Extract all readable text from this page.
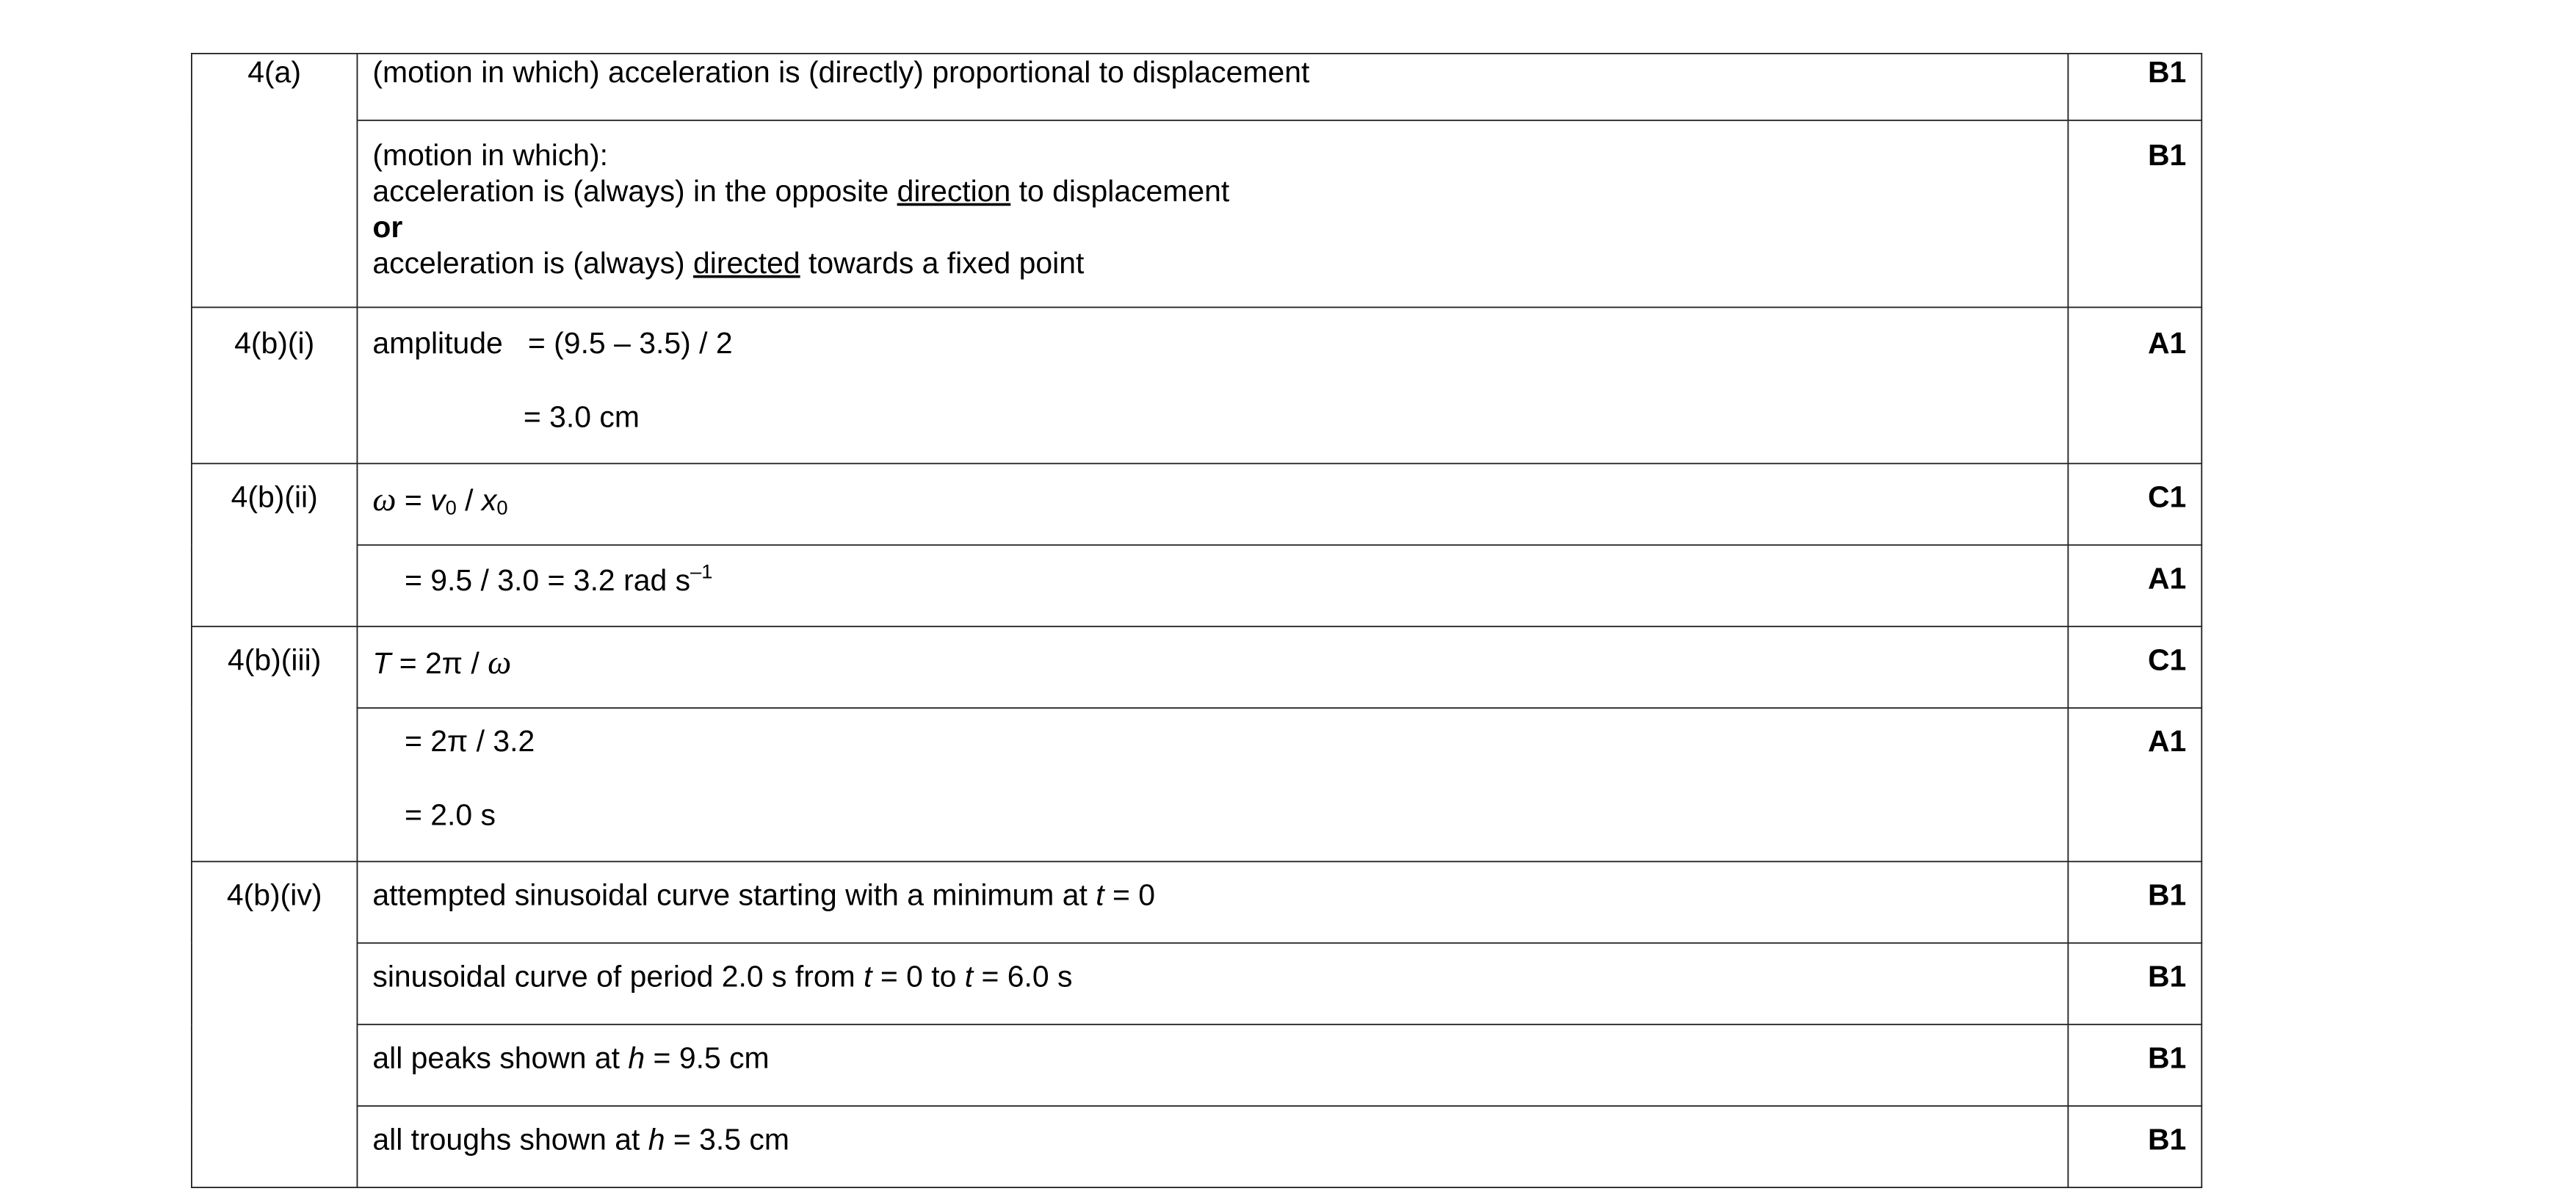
4(a)	(motion in which) acceleration is (directly) proportional to displacement	B1

	(motion in which):
acceleration is (always) in the opposite direction to displacement
or
acceleration is (always) directed towards a fixed point	B1
4(b)(i)	amplitude   = (9.5 – 3.5) / 2
= 3.0 cm	A1
4(b)(ii)	$\omega = v_0 / x_0$	C1

	= 9.5 / 3.0 = 3.2 rad $s^{-1}$	A1
4(b)(iii)	T = 2π / ω	C1

	= 2π / 3.2
= 2.0 s	A1
4(b)(iv)	attempted sinusoidal curve starting with a minimum at t = 0	B1

	sinusoidal curve of period 2.0 s from t = 0 to t = 6.0 s	B1

	all peaks shown at h = 9.5 cm	B1

	all troughs shown at h = 3.5 cm	B1
